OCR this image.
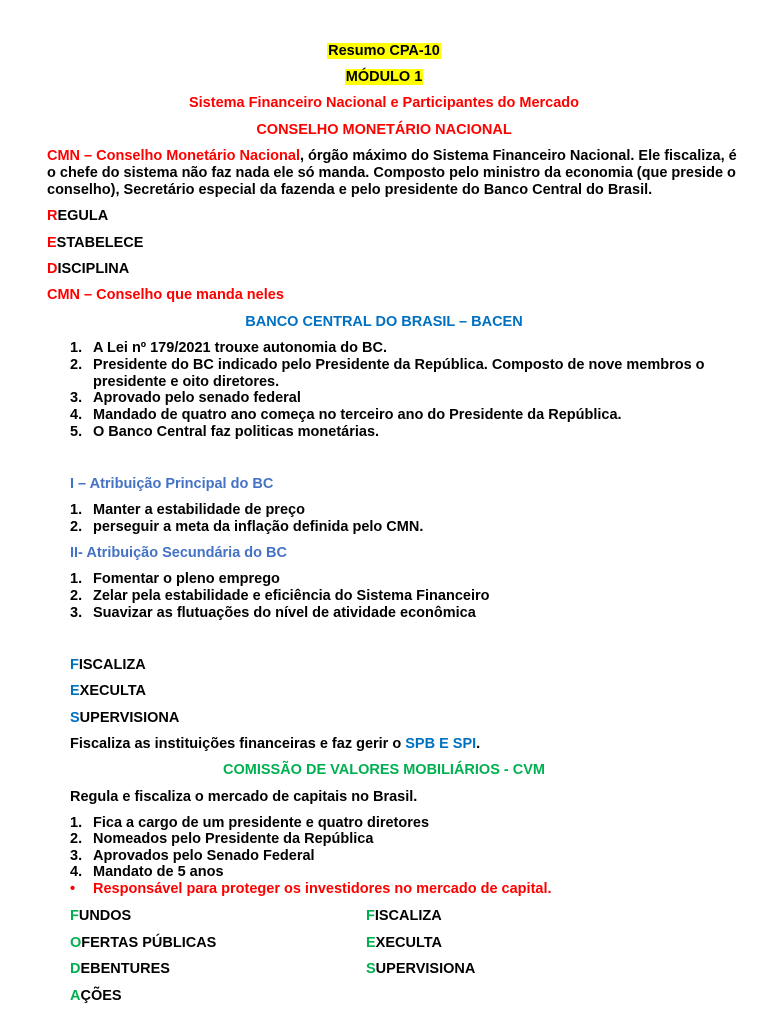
Resumo CPA-10
MÓDULO 1
Sistema Financeiro Nacional e Participantes do Mercado
CONSELHO MONETÁRIO NACIONAL
CMN – Conselho Monetário Nacional, órgão máximo do Sistema Financeiro Nacional. Ele fiscaliza, é
o chefe do sistema não faz nada ele só manda. Composto pelo ministro da economia (que preside o
conselho), Secretário especial da fazenda e pelo presidente do Banco Central do Brasil.
REGULA
ESTABELECE
DISCIPLINA
CMN – Conselho que manda neles
BANCO CENTRAL DO BRASIL – BACEN
1. A Lei nº 179/2021 trouxe autonomia do BC.
2. Presidente do BC indicado pelo Presidente da República. Composto de nove membros o
presidente e oito diretores.
3. Aprovado pelo senado federal
4. Mandado de quatro ano começa no terceiro ano do Presidente da República.
5. O Banco Central faz politicas monetárias.
I – Atribuição Principal do BC
1. Manter a estabilidade de preço
2. perseguir a meta da inflação definida pelo CMN.
II- Atribuição Secundária do BC
1. Fomentar o pleno emprego
2. Zelar pela estabilidade e eficiência do Sistema Financeiro
3. Suavizar as flutuações do nível de atividade econômica
FISCALIZA
EXECULTA
SUPERVISIONA
Fiscaliza as instituições financeiras e faz gerir o SPB E SPI.
COMISSÃO DE VALORES MOBILIÁRIOS - CVM
Regula e fiscaliza o mercado de capitais no Brasil.
1. Fica a cargo de um presidente e quatro diretores
2. Nomeados pelo Presidente da República
3. Aprovados pelo Senado Federal
4. Mandato de 5 anos
• Responsável para proteger os investidores no mercado de capital.
FUNDOS
OFERTAS PÚBLICAS
DEBENTURES
AÇÕES
FISCALIZA
EXECULTA
SUPERVISIONA
